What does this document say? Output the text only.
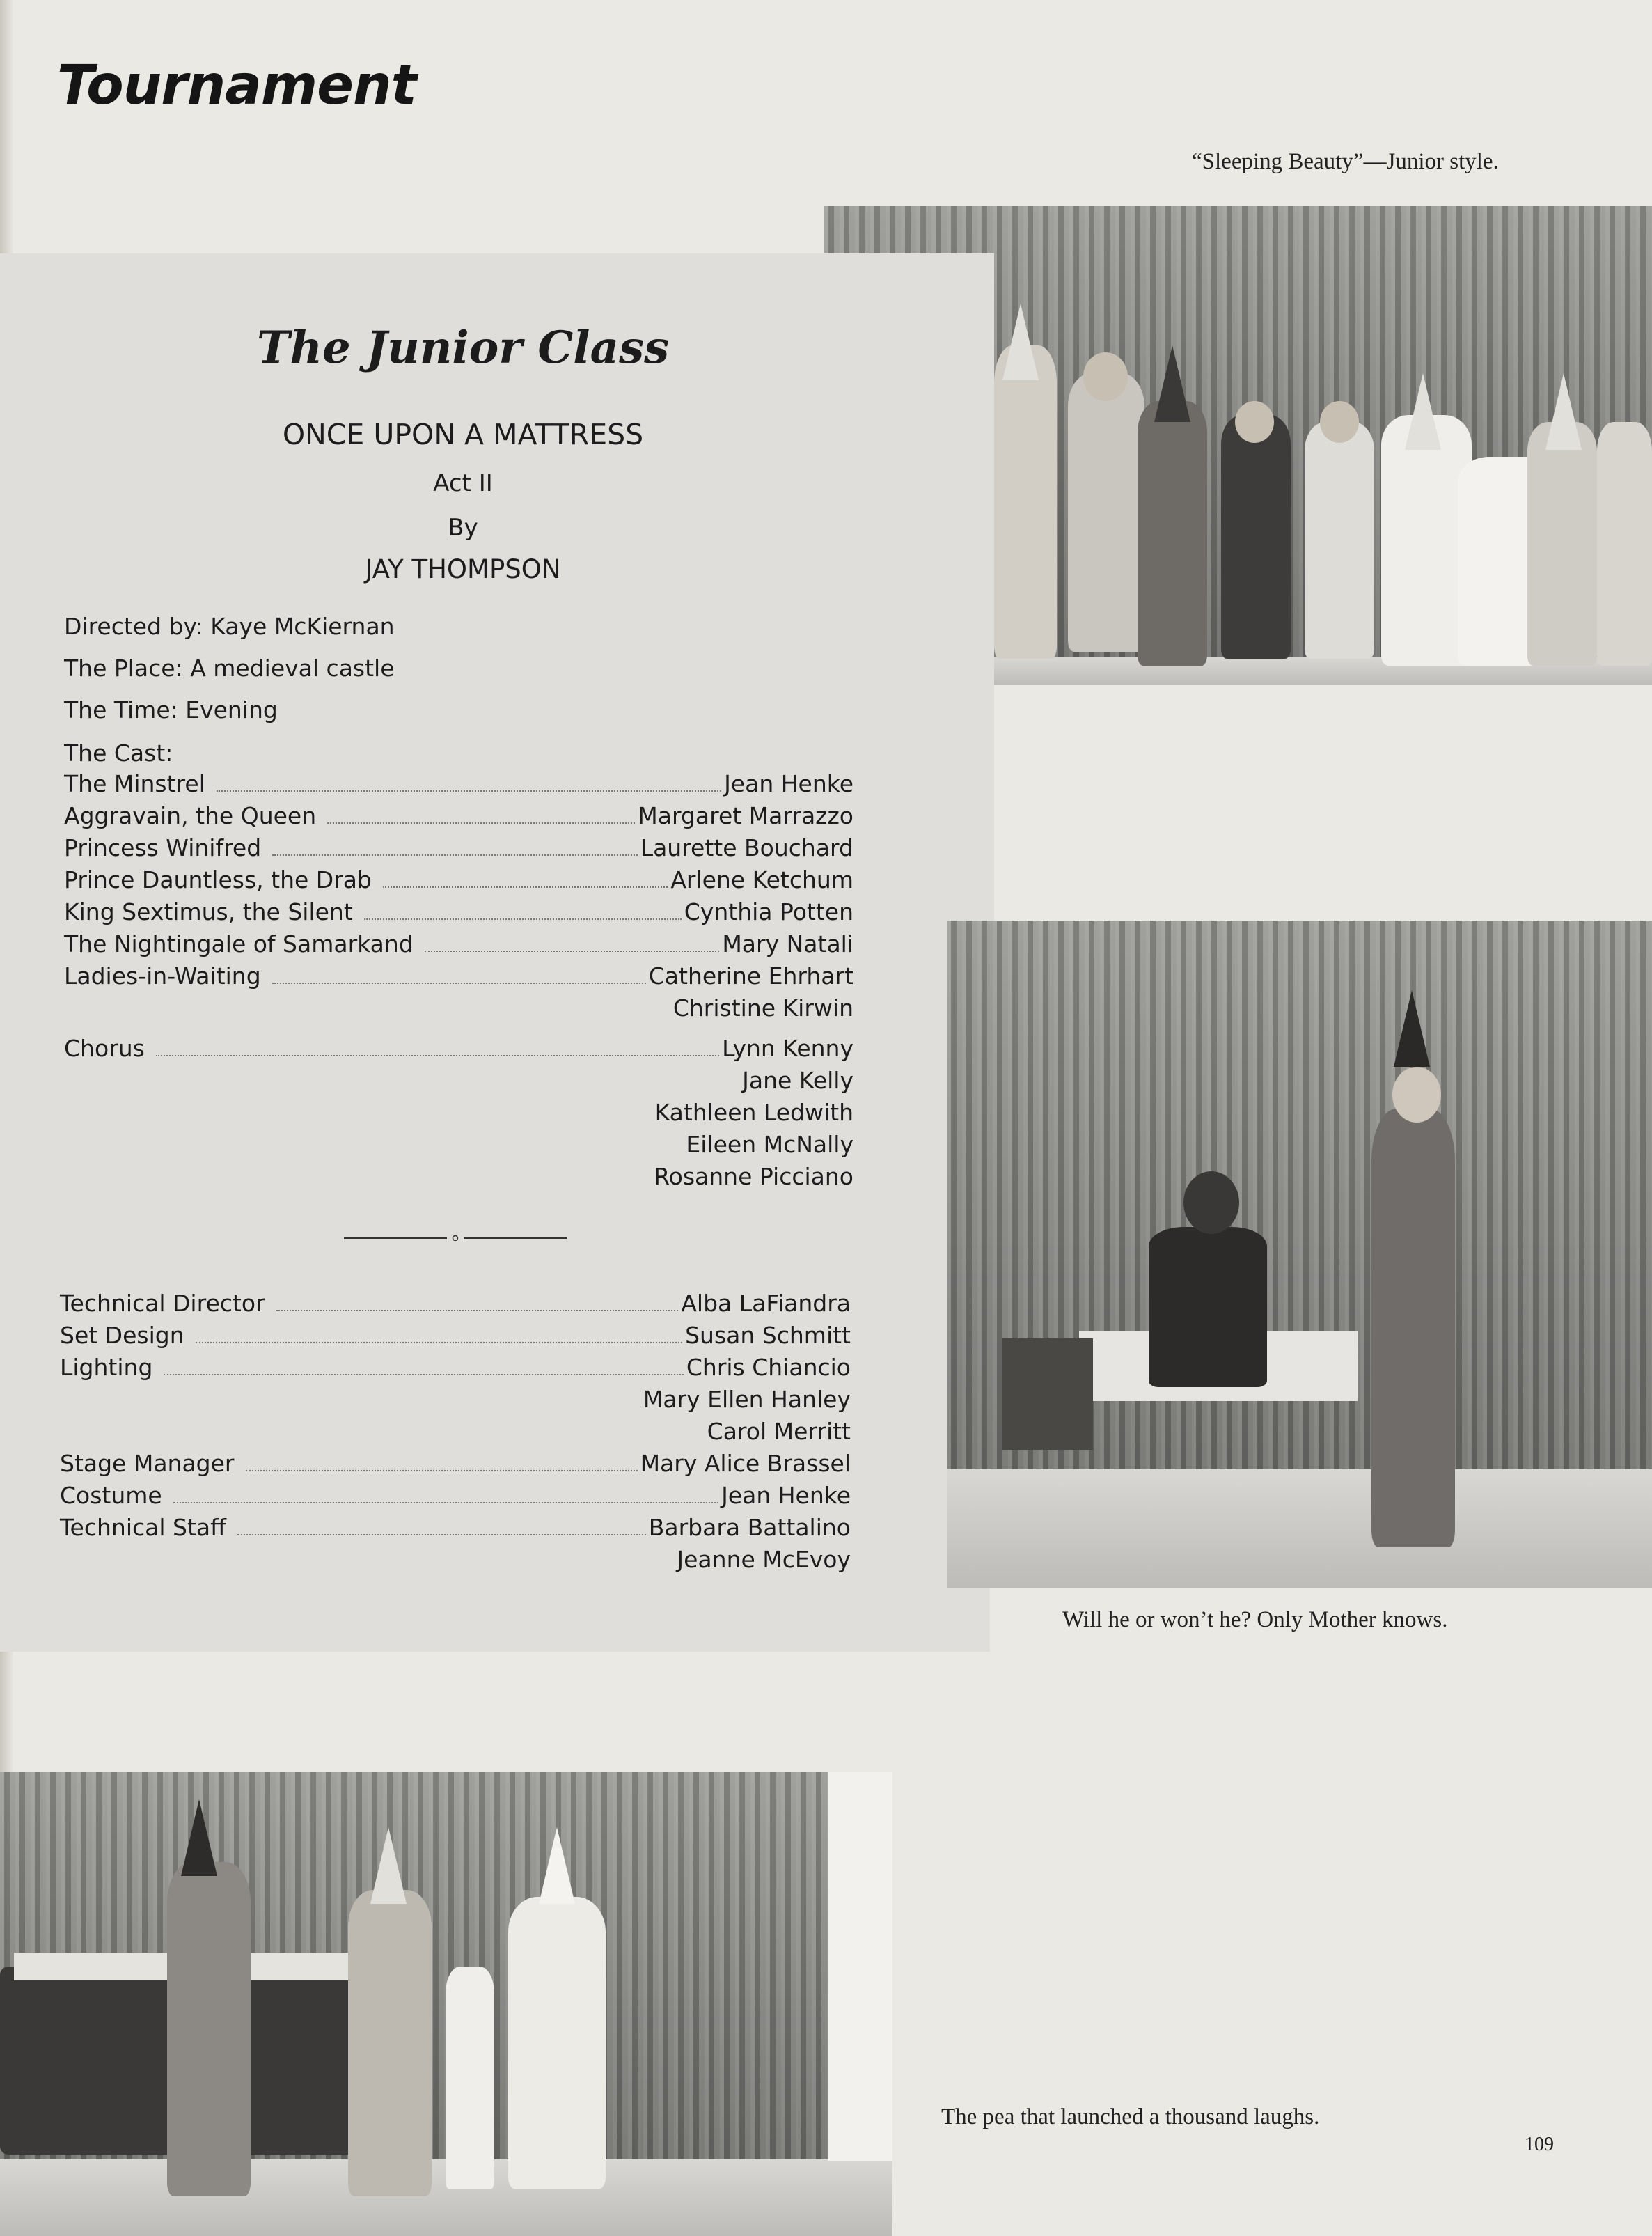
Tournament
“Sleeping Beauty”—Junior style.
The Junior Class
ONCE UPON A MATTRESS
Act II
By
JAY THOMPSON
Directed by: Kaye McKiernan
The Place: A medieval castle
The Time: Evening
The Cast:
The Minstrel	Jean Henke
Aggravain, the Queen	Margaret Marrazzo
Princess Winifred	Laurette Bouchard
Prince Dauntless, the Drab	Arlene Ketchum
King Sextimus, the Silent	Cynthia Potten
The Nightingale of Samarkand	Mary Natali
Ladies-in-Waiting	Catherine Ehrhart
Christine Kirwin
Chorus	Lynn Kenny
Jane Kelly
Kathleen Ledwith
Eileen McNally
Rosanne Picciano
Technical Director	Alba LaFiandra
Set Design	Susan Schmitt
Lighting	Chris Chiancio
Mary Ellen Hanley
Carol Merritt
Stage Manager	Mary Alice Brassel
Costume	Jean Henke
Technical Staff	Barbara Battalino
Jeanne McEvoy
Will he or won’t he? Only Mother knows.
The pea that launched a thousand laughs.
109
